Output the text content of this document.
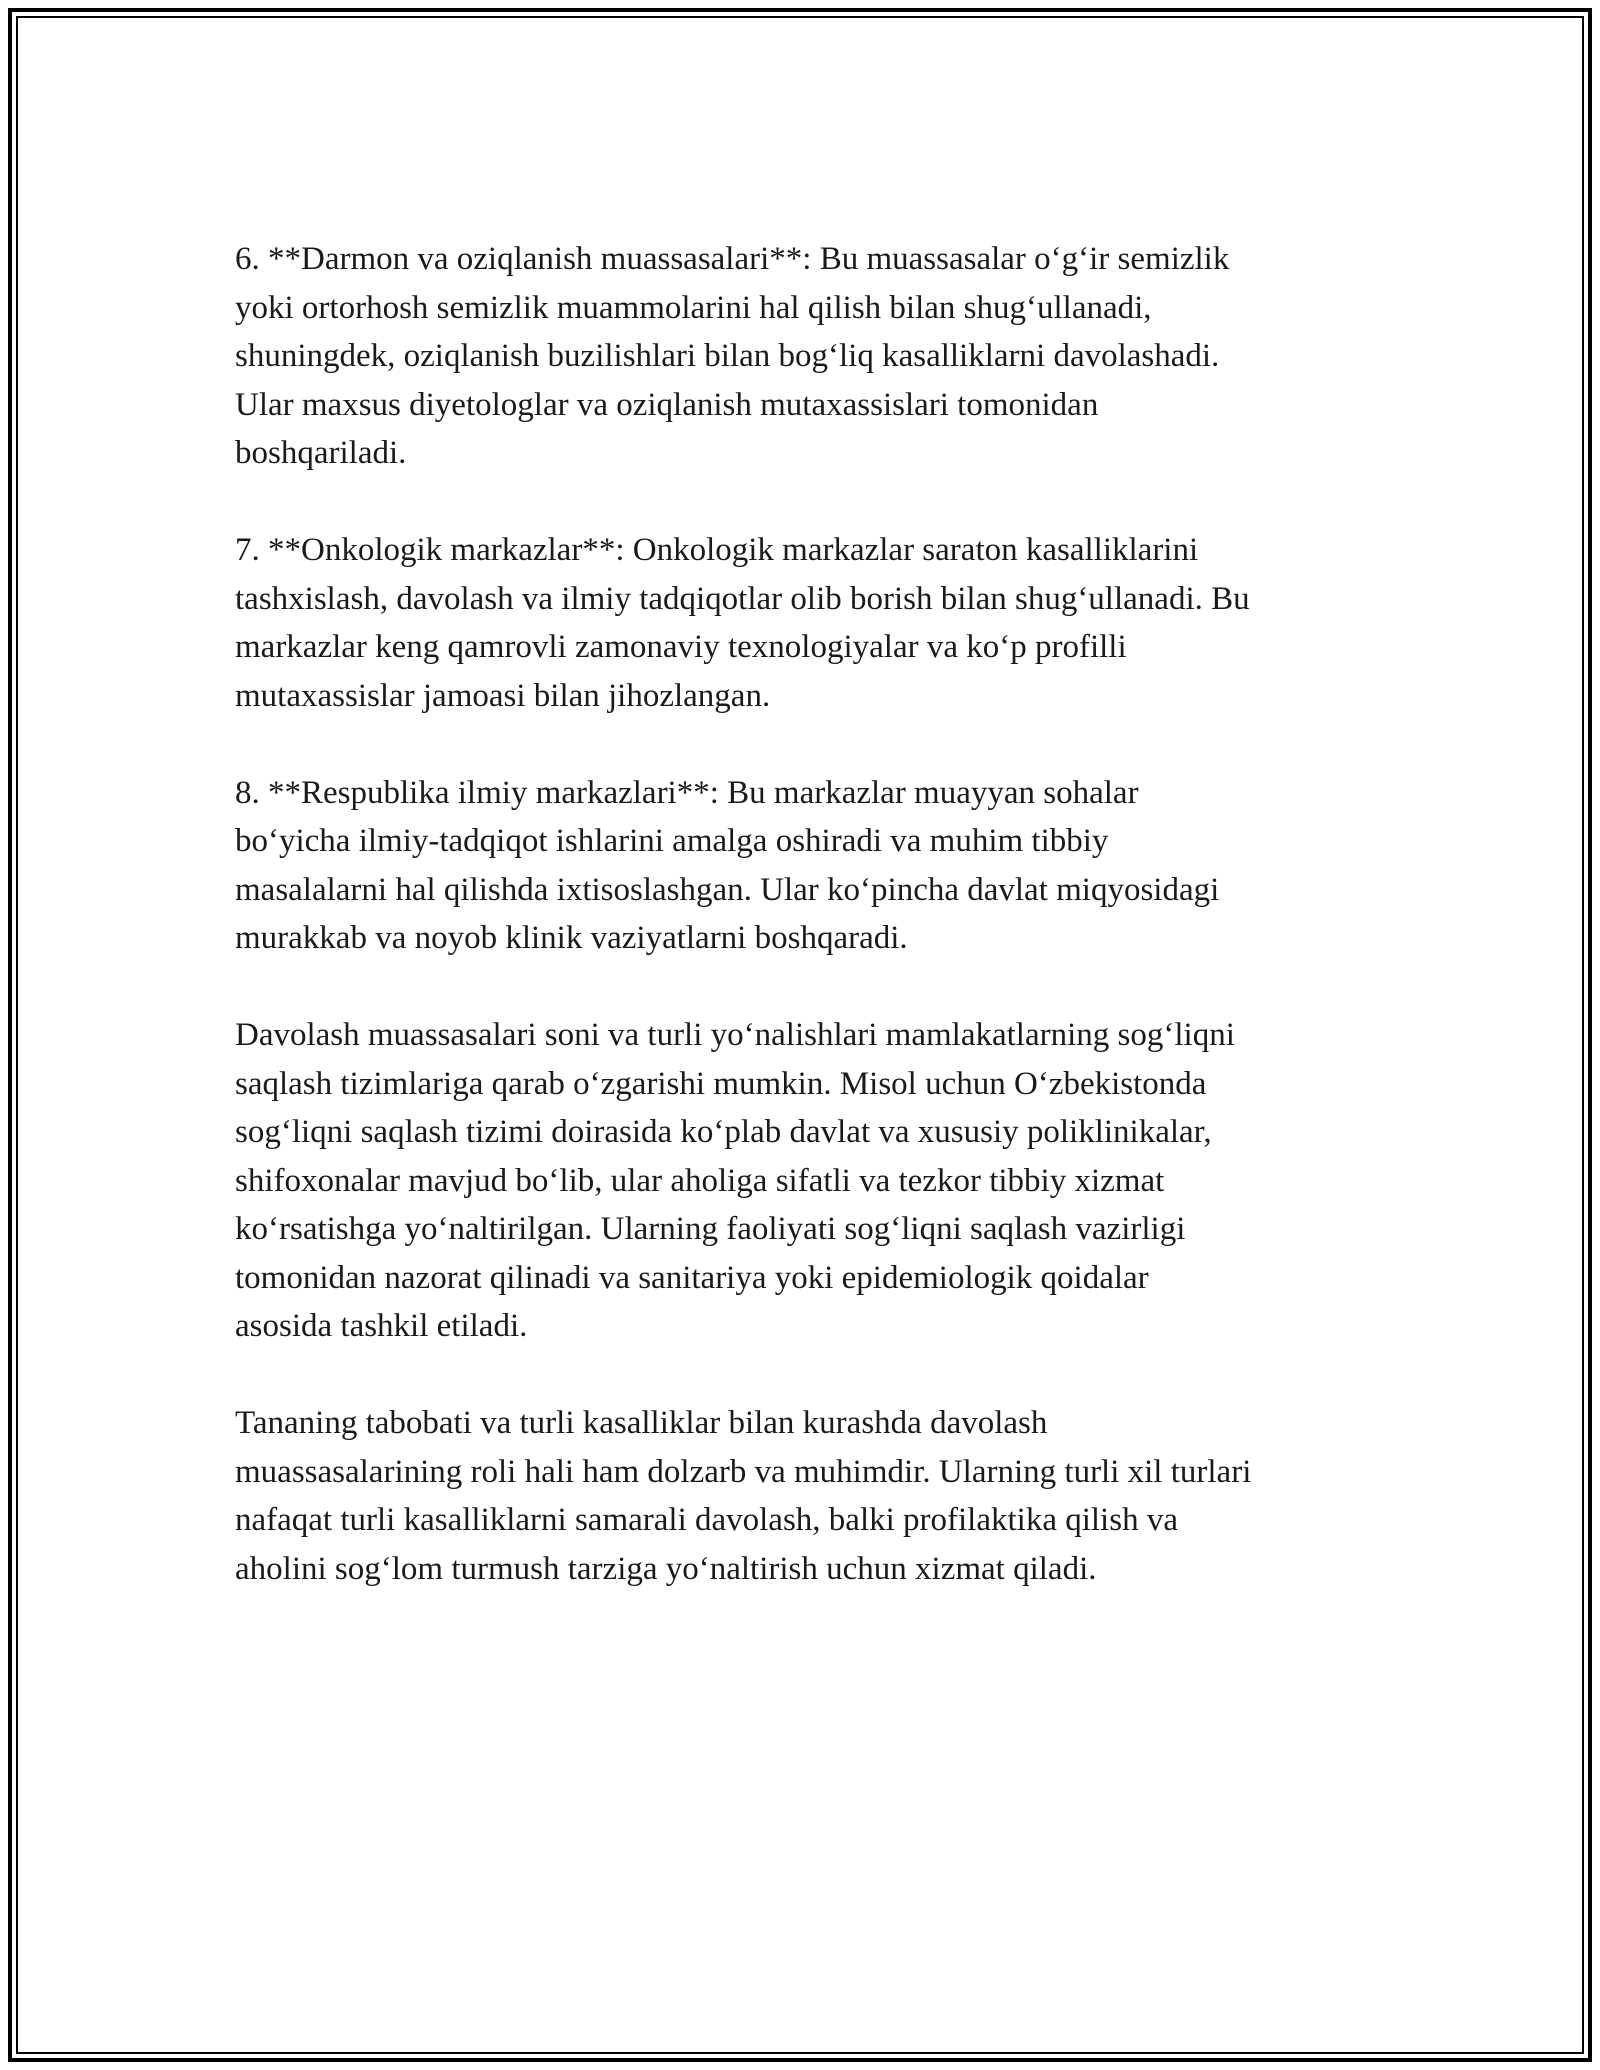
6. **Darmon va oziqlanish muassasalari**: Bu muassasalar o‘g‘ir semizlik
yoki ortorhosh semizlik muammolarini hal qilish bilan shug‘ullanadi,
shuningdek, oziqlanish buzilishlari bilan bog‘liq kasalliklarni davolashadi.
Ular maxsus diyetologlar va oziqlanish mutaxassislari tomonidan
boshqariladi.

7. **Onkologik markazlar**: Onkologik markazlar saraton kasalliklarini
tashxislash, davolash va ilmiy tadqiqotlar olib borish bilan shug‘ullanadi. Bu
markazlar keng qamrovli zamonaviy texnologiyalar va ko‘p profilli
mutaxassislar jamoasi bilan jihozlangan.

8. **Respublika ilmiy markazlari**: Bu markazlar muayyan sohalar
bo‘yicha ilmiy-tadqiqot ishlarini amalga oshiradi va muhim tibbiy
masalalarni hal qilishda ixtisoslashgan. Ular ko‘pincha davlat miqyosidagi
murakkab va noyob klinik vaziyatlarni boshqaradi.

Davolash muassasalari soni va turli yo‘nalishlari mamlakatlarning sog‘liqni
saqlash tizimlariga qarab o‘zgarishi mumkin. Misol uchun O‘zbekistonda
sog‘liqni saqlash tizimi doirasida ko‘plab davlat va xususiy poliklinikalar,
shifoxonalar mavjud bo‘lib, ular aholiga sifatli va tezkor tibbiy xizmat
ko‘rsatishga yo‘naltirilgan. Ularning faoliyati sog‘liqni saqlash vazirligi
tomonidan nazorat qilinadi va sanitariya yoki epidemiologik qoidalar
asosida tashkil etiladi.

Tananing tabobati va turli kasalliklar bilan kurashda davolash
muassasalarining roli hali ham dolzarb va muhimdir. Ularning turli xil turlari
nafaqat turli kasalliklarni samarali davolash, balki profilaktika qilish va
aholini sog‘lom turmush tarziga yo‘naltirish uchun xizmat qiladi.
